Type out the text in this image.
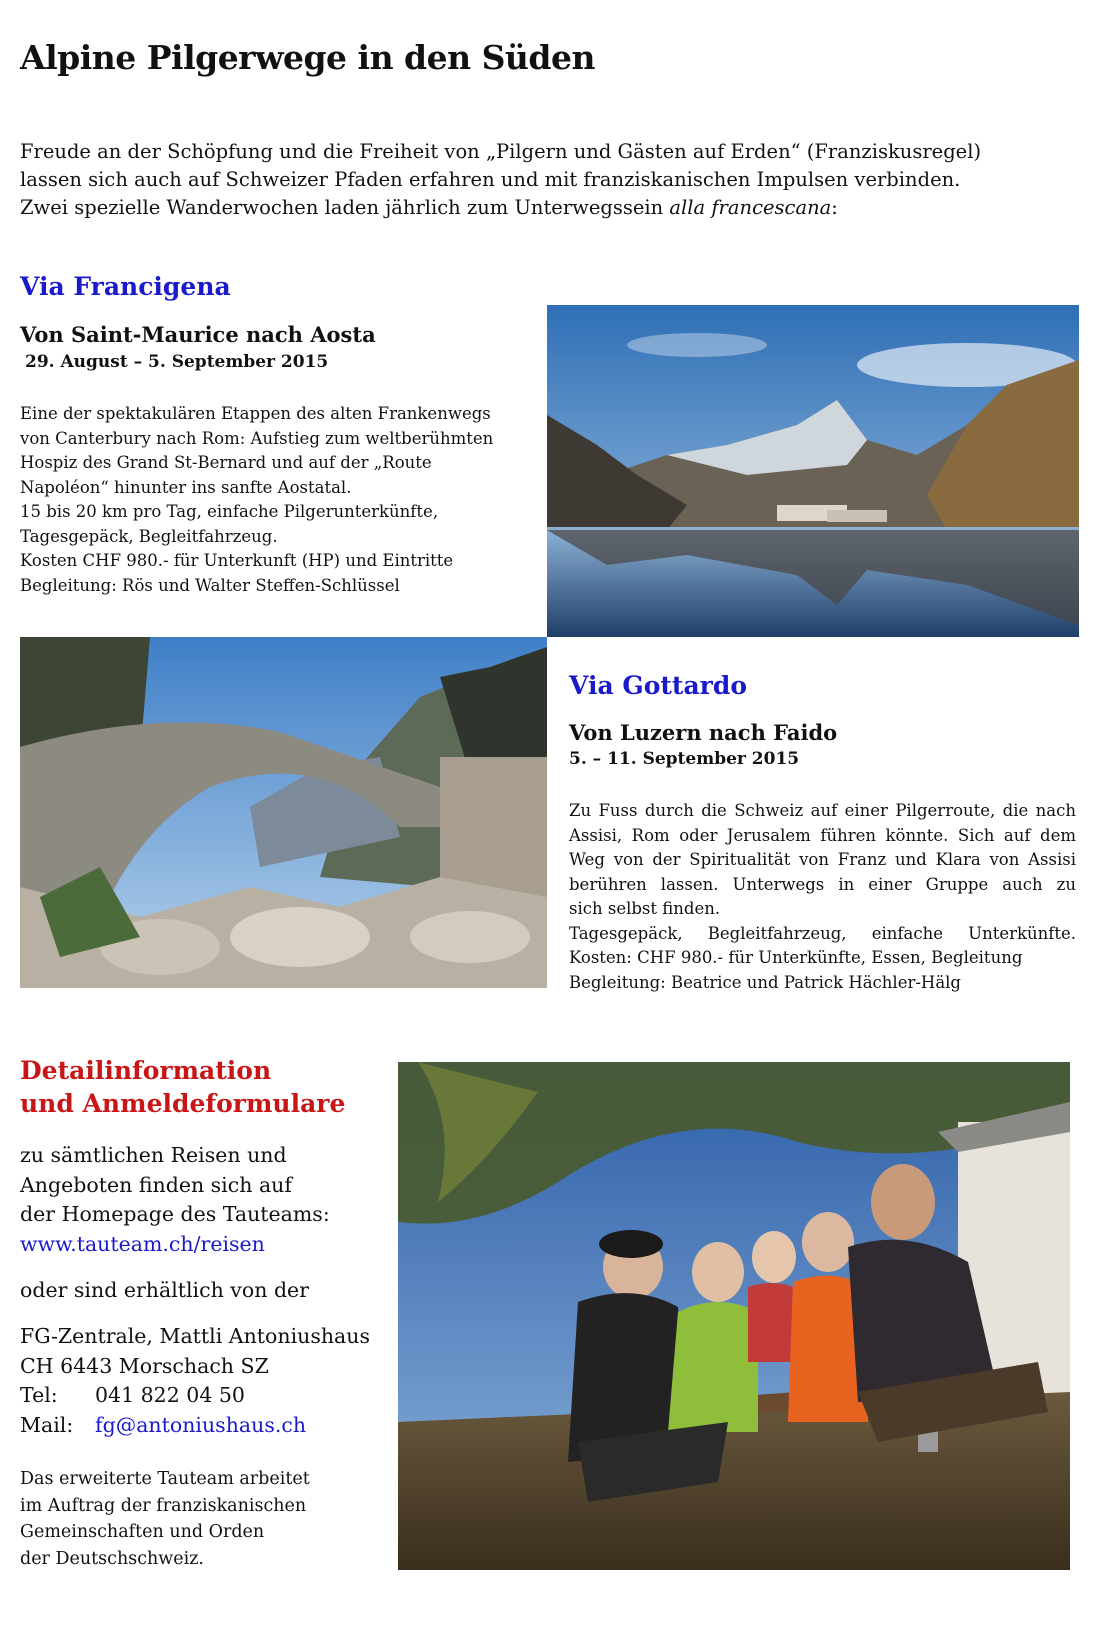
Alpine Pilgerwege in den Süden

Freude an der Schöpfung und die Freiheit von „Pilgern und Gästen auf Erden“ (Franziskusregel)

lassen sich auch auf Schweizer Pfaden erfahren und mit franziskanischen Impulsen verbinden.

Zwei spezielle Wanderwochen laden jährlich zum Unterwegssein alla francescana:

Via Francigena
Von Saint-Maurice nach Aosta
29. August – 5. September 2015
Eine der spektakulären Etappen des alten Frankenwegs
von Canterbury nach Rom: Aufstieg zum weltberühmten
Hospiz des Grand St-Bernard und auf der „Route
Napoléon“ hinunter ins sanfte Aostatal.
15 bis 20 km pro Tag, einfache Pilgerunterkünfte,
Tagesgepäck, Begleitfahrzeug.
Kosten CHF 980.- für Unterkunft (HP) und Eintritte
Begleitung: Rös und Walter Steffen-Schlüssel
Via Gottardo
Von Luzern nach Faido
5. – 11. September 2015
Zu Fuss durch die Schweiz auf einer Pilgerroute, die nach
Assisi, Rom oder Jerusalem führen könnte. Sich auf dem
Weg von der Spiritualität von Franz und Klara von Assisi
berühren lassen. Unterwegs in einer Gruppe auch zu
sich selbst finden.
Tagesgepäck, Begleitfahrzeug, einfache Unterkünfte.
Kosten: CHF 980.- für Unterkünfte, Essen, Begleitung
Begleitung: Beatrice und Patrick Hächler-Hälg
Detailinformation
und Anmeldeformulare
zu sämtlichen Reisen und
Angeboten finden sich auf
der Homepage des Tauteams:
www.tauteam.ch/reisen
oder sind erhältlich von der
FG-Zentrale, Mattli Antoniushaus
CH 6443 Morschach SZ
Tel: 041 822 04 50
Mail: fg@antoniushaus.ch
Das erweiterte Tauteam arbeitet
im Auftrag der franziskanischen
Gemeinschaften und Orden
der Deutschschweiz.
